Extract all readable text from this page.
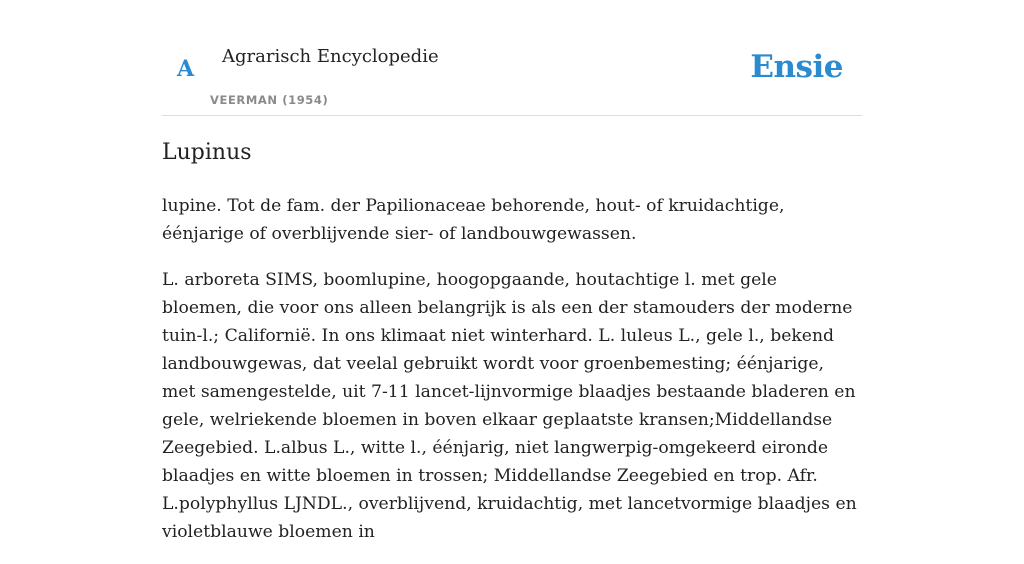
A Agrarisch Encyclopedie
VEERMAN (1954)
Ensie
Lupinus

lupine. Tot de fam. der Papilionaceae behorende, hout- of kruidachtige, éénjarige of overblijvende sier- of landbouwgewassen.

L. arboreta SIMS, boomlupine, hoogopgaande, houtachtige l. met gele bloemen, die voor ons alleen belangrijk is als een der stamouders der moderne tuin-l.; Californië. In ons klimaat niet winterhard. L. luleus L., gele l., bekend landbouwgewas, dat veelal gebruikt wordt voor groenbemesting; éénjarige, met samengestelde, uit 7-11 lancet-lijnvormige blaadjes bestaande bladeren en gele, welriekende bloemen in boven elkaar geplaatste kransen;Middellandse Zeegebied. L.albus L., witte l., éénjarig, niet langwerpig-omgekeerd eironde blaadjes en witte bloemen in trossen; Middellandse Zeegebied en trop. Afr. L.polyphyllus LJNDL., overblijvend, kruidachtig, met lancetvormige blaadjes en violetblauwe bloemen in
